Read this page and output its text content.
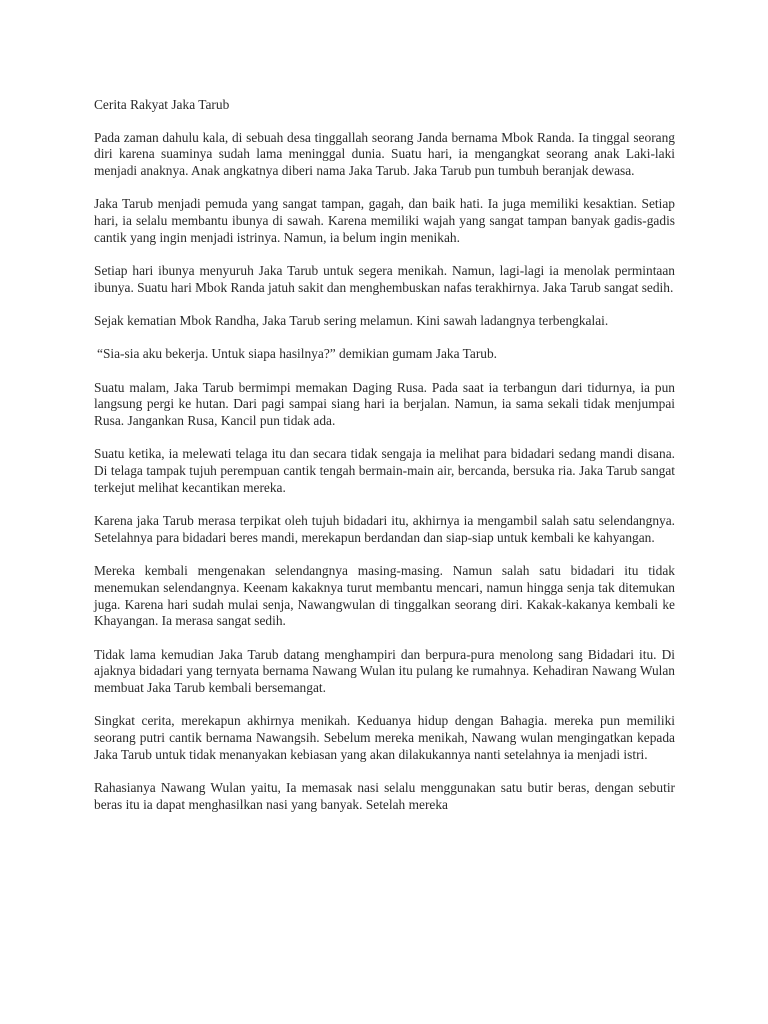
Cerita Rakyat Jaka Tarub

Pada zaman dahulu kala, di sebuah desa tinggallah seorang Janda bernama Mbok Randa. Ia tinggal seorang diri karena suaminya sudah lama meninggal dunia. Suatu hari, ia mengangkat seorang anak Laki-laki menjadi anaknya. Anak angkatnya diberi nama Jaka Tarub. Jaka Tarub pun tumbuh beranjak dewasa.

Jaka Tarub menjadi pemuda yang sangat tampan, gagah, dan baik hati. Ia juga memiliki kesaktian. Setiap hari, ia selalu membantu ibunya di sawah. Karena memiliki wajah yang sangat tampan banyak gadis-gadis cantik yang ingin menjadi istrinya. Namun, ia belum ingin menikah.

Setiap hari ibunya menyuruh Jaka Tarub untuk segera menikah. Namun, lagi-lagi ia menolak permintaan ibunya. Suatu hari Mbok Randa jatuh sakit dan menghembuskan nafas terakhirnya. Jaka Tarub sangat sedih.

Sejak kematian Mbok Randha, Jaka Tarub sering melamun. Kini sawah ladangnya terbengkalai.

“Sia-sia aku bekerja. Untuk siapa hasilnya?” demikian gumam Jaka Tarub.

Suatu malam, Jaka Tarub bermimpi memakan Daging Rusa. Pada saat ia terbangun dari tidurnya, ia pun langsung pergi ke hutan. Dari pagi sampai siang hari ia berjalan. Namun, ia sama sekali tidak menjumpai Rusa. Jangankan Rusa, Kancil pun tidak ada.

Suatu ketika, ia melewati telaga itu dan secara tidak sengaja ia melihat para bidadari sedang mandi disana. Di telaga tampak tujuh perempuan cantik tengah bermain-main air, bercanda, bersuka ria. Jaka Tarub sangat terkejut melihat kecantikan mereka.

Karena jaka Tarub merasa terpikat oleh tujuh bidadari itu, akhirnya ia mengambil salah satu selendangnya. Setelahnya para bidadari beres mandi, merekapun berdandan dan siap-siap untuk kembali ke kahyangan.

Mereka kembali mengenakan selendangnya masing-masing. Namun salah satu bidadari itu tidak menemukan selendangnya. Keenam kakaknya turut membantu mencari, namun hingga senja tak ditemukan juga. Karena hari sudah mulai senja, Nawangwulan di tinggalkan seorang diri. Kakak-kakanya kembali ke Khayangan. Ia merasa sangat sedih.

Tidak lama kemudian Jaka Tarub datang menghampiri dan berpura-pura menolong sang Bidadari itu. Di ajaknya bidadari yang ternyata bernama Nawang Wulan itu pulang ke rumahnya. Kehadiran Nawang Wulan membuat Jaka Tarub kembali bersemangat.

Singkat cerita, merekapun akhirnya menikah. Keduanya hidup dengan Bahagia. mereka pun memiliki seorang putri cantik bernama Nawangsih. Sebelum mereka menikah, Nawang wulan mengingatkan kepada Jaka Tarub untuk tidak menanyakan kebiasan yang akan dilakukannya nanti setelahnya ia menjadi istri.

Rahasianya Nawang Wulan yaitu, Ia memasak nasi selalu menggunakan satu butir beras, dengan sebutir beras itu ia dapat menghasilkan nasi yang banyak. Setelah mereka
